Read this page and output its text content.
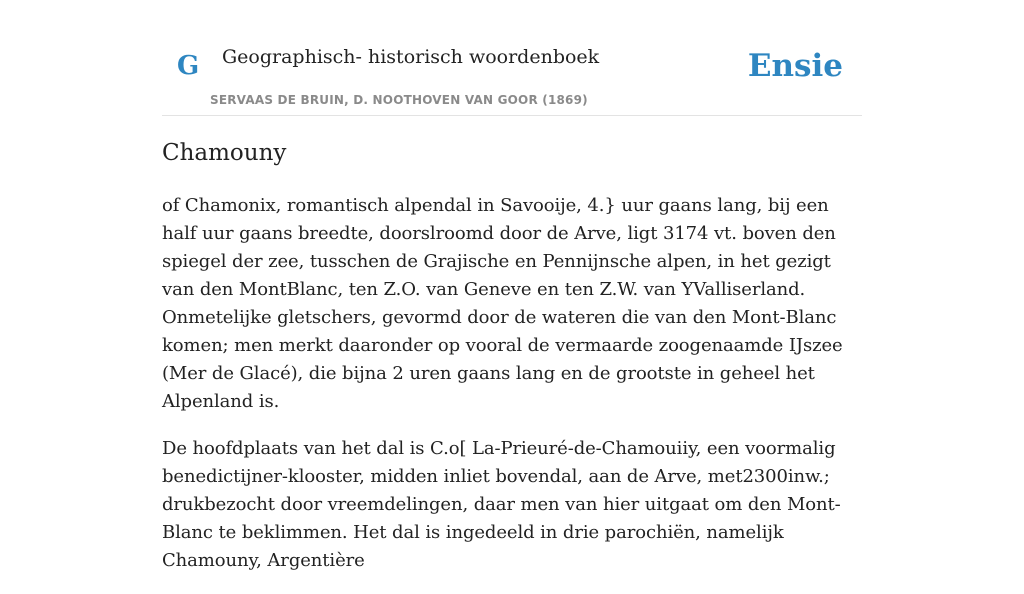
G Geographisch- historisch woordenboek
SERVAAS DE BRUIN, D. NOOTHOVEN VAN GOOR (1869)
Ensie
Chamouny

of Chamonix, romantisch alpendal in Savooije, 4.} uur gaans lang, bij een half uur gaans breedte, doorslroomd door de Arve, ligt 3174 vt. boven den spiegel der zee, tusschen de Grajische en Pennijnsche alpen, in het gezigt van den MontBlanc, ten Z.O. van Geneve en ten Z.W. van YValliserland. Onmetelijke gletschers, gevormd door de wateren die van den Mont-Blanc komen; men merkt daaronder op vooral de vermaarde zoogenaamde IJszee (Mer de Glacé), die bijna 2 uren gaans lang en de grootste in geheel het Alpenland is.

De hoofdplaats van het dal is C.o[ La-Prieuré-de-Chamouiiy, een voormalig benedictijner-klooster, midden inliet bovendal, aan de Arve, met2300inw.; drukbezocht door vreemdelingen, daar men van hier uitgaat om den Mont-Blanc te beklimmen. Het dal is ingedeeld in drie parochiën, namelijk Chamouny, Argentière
